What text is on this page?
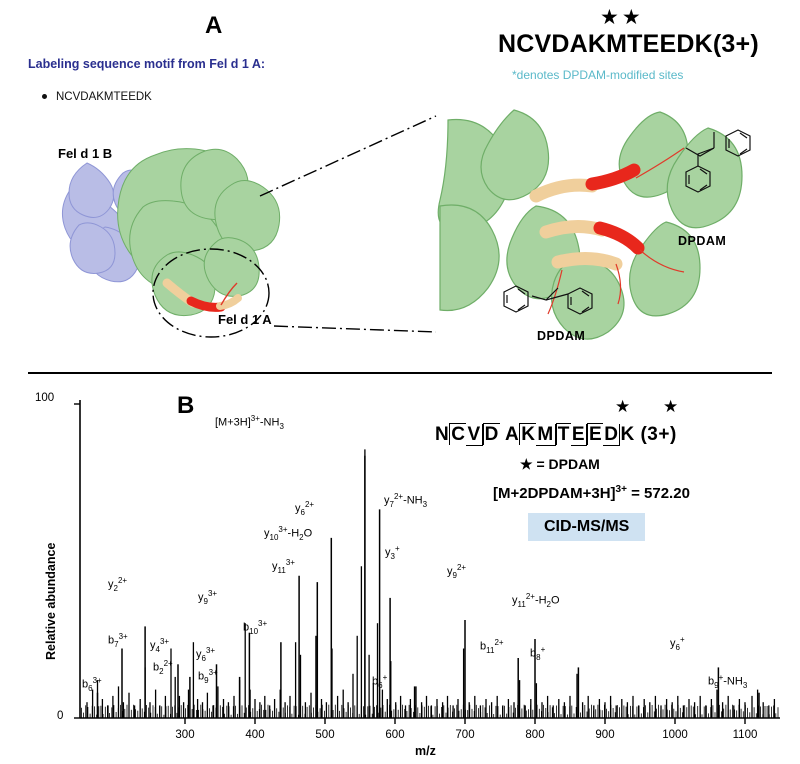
A	★★
NCVDAKMTEEDK(3+)
*denotes DPDAM-modified sites
Labeling sequence motif from Fel d 1 A:
NCVDAKMTEEDK
Fel d 1 B
Fel d 1 A
DPDAM
DPDAM
B	★ ★
N C V D A K M T E E D K (3+)
★ = DPDAM
[M+2DPDAM+3H]$^{3+}$ = 572.20
CID-MS/MS
Relative abundance
m/z
300	400	500	600	700	800	900	1000	1100
100
0
$[M+3H]^{3+}-NH_3$
$y_7^{2+}-NH_3$
$y_6^{2+}$
$y_{10}^{3+}-H_2O$
$y_{11}^{3+}$
$y_3^+$
$y_9^{2+}$
$y_2^{2+}$
$y_9^{3+}$
$y_{11}^{2+}-H_2O$
$b_{10}^{3+}$
$b_7^{3+}$
$b_{11}^{2+}$
$y_4^{3+}$
$y_6^{3+}$	$b_8^+$	$y_6^+$
$b_2^{2+}$
$b_9^{3+}$
$b_6^+$
$b_6^{3+}$	$b_9^+-NH_3$
